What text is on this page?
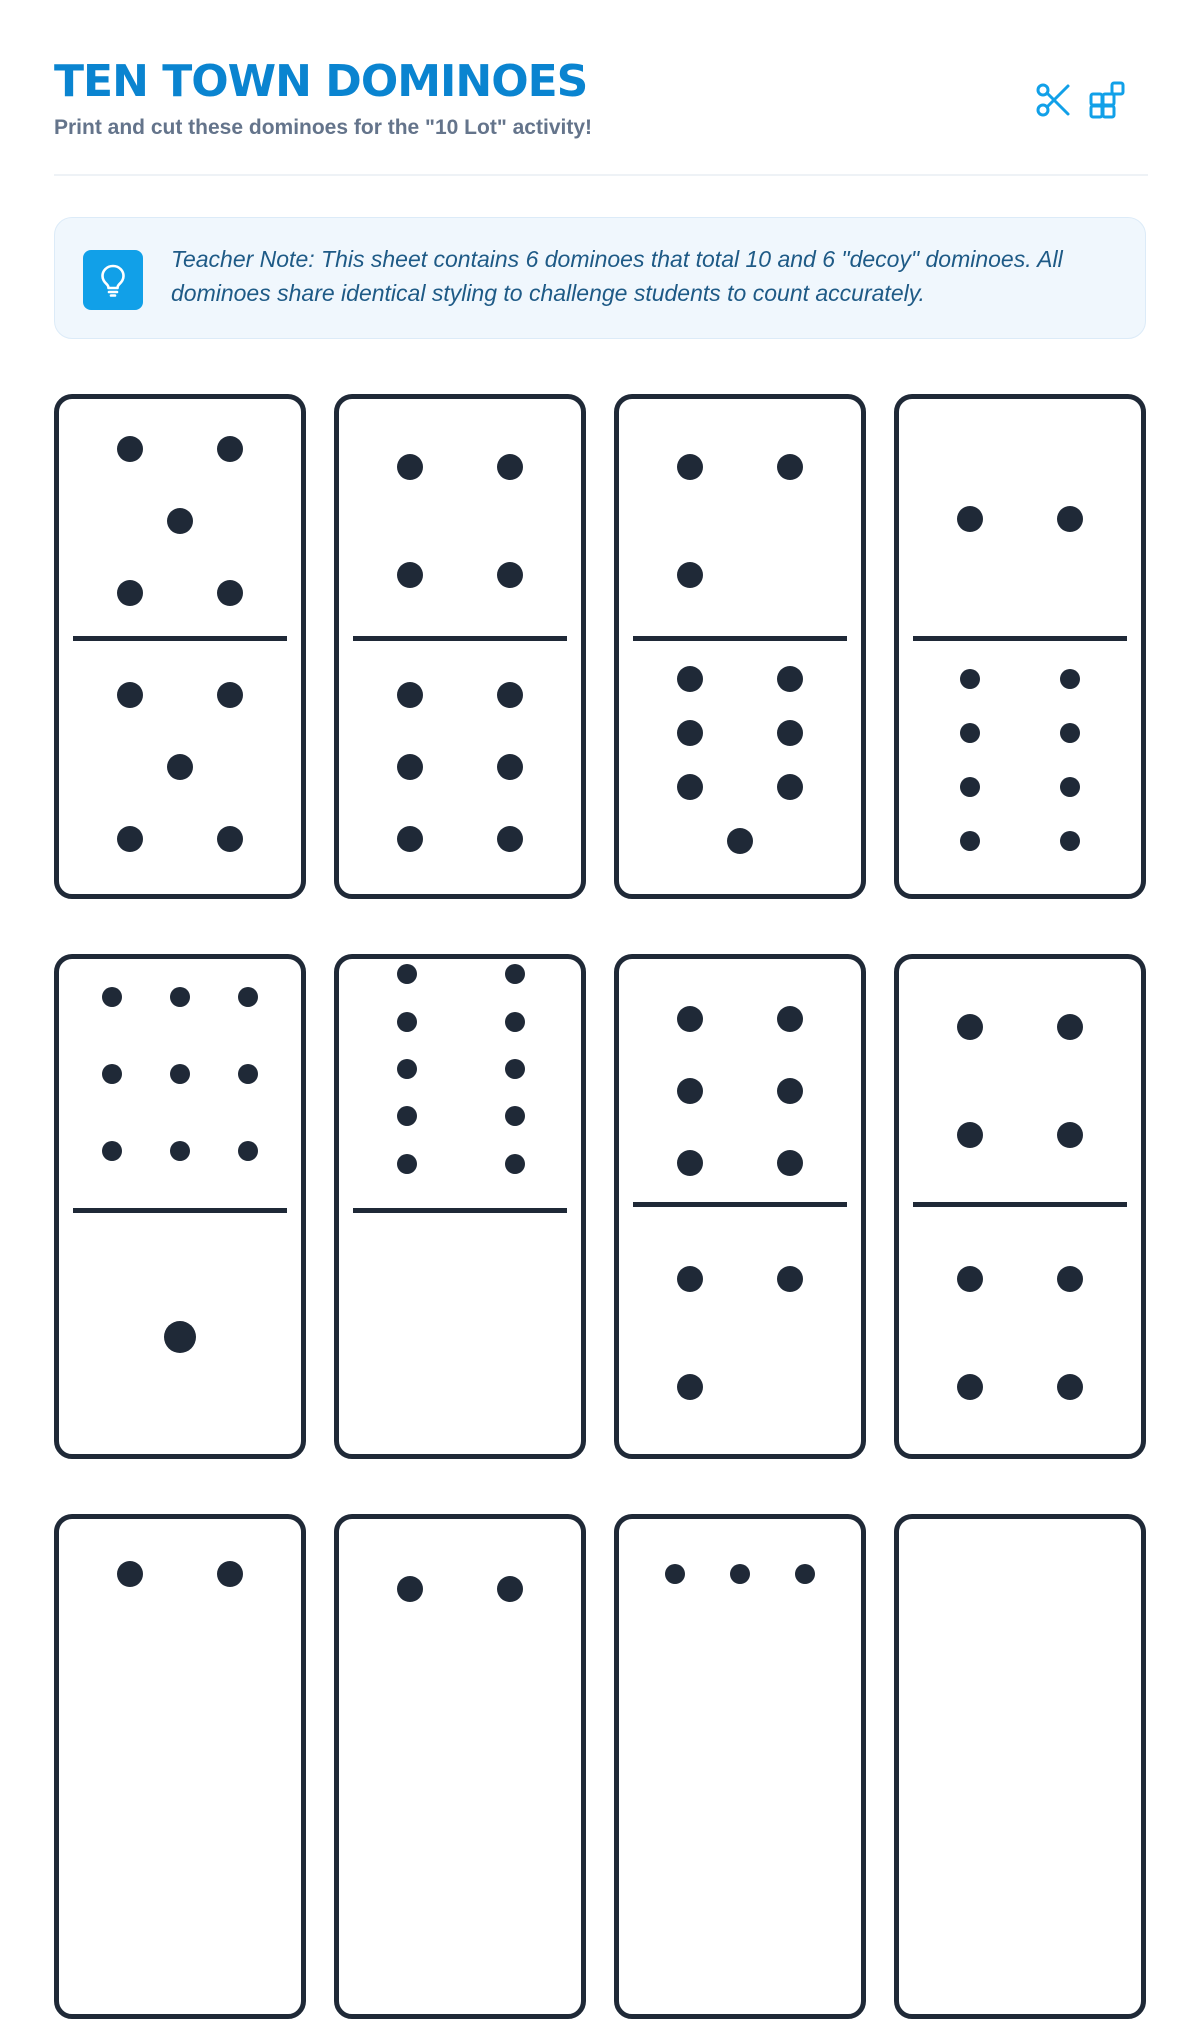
TEN TOWN DOMINOES

Print and cut these dominoes for the "10 Lot" activity!

Teacher Note: This sheet contains 6 dominoes that total 10 and 6 "decoy" dominoes. All dominoes share identical styling to challenge students to count accurately.
